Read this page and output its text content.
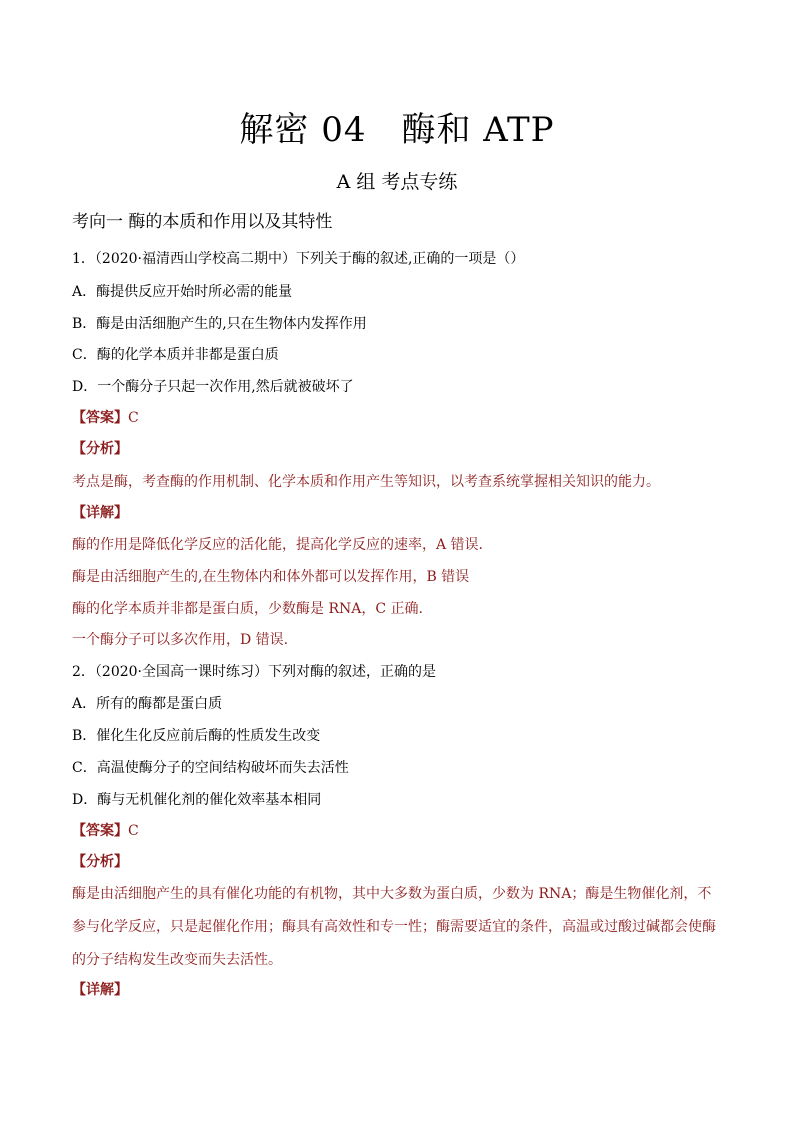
解密 04　酶和 ATP
A 组 考点专练
考向一 酶的本质和作用以及其特性
1．（2020·福清西山学校高二期中）下列关于酶的叙述,正确的一项是（）
A．酶提供反应开始时所必需的能量
B．酶是由活细胞产生的,只在生物体内发挥作用
C．酶的化学本质并非都是蛋白质
D．一个酶分子只起一次作用,然后就被破坏了
【答案】C
【分析】
考点是酶，考查酶的作用机制、化学本质和作用产生等知识，以考查系统掌握相关知识的能力。
【详解】
酶的作用是降低化学反应的活化能，提高化学反应的速率，A 错误.
酶是由活细胞产生的,在生物体内和体外都可以发挥作用，B 错误
酶的化学本质并非都是蛋白质，少数酶是 RNA，C 正确.
一个酶分子可以多次作用，D 错误.
2．（2020·全国高一课时练习）下列对酶的叙述，正确的是
A．所有的酶都是蛋白质
B．催化生化反应前后酶的性质发生改变
C．高温使酶分子的空间结构破坏而失去活性
D．酶与无机催化剂的催化效率基本相同
【答案】C
【分析】
酶是由活细胞产生的具有催化功能的有机物，其中大多数为蛋白质，少数为 RNA；酶是生物催化剂，不参与化学反应，只是起催化作用；酶具有高效性和专一性；酶需要适宜的条件，高温或过酸过碱都会使酶的分子结构发生改变而失去活性。
【详解】
